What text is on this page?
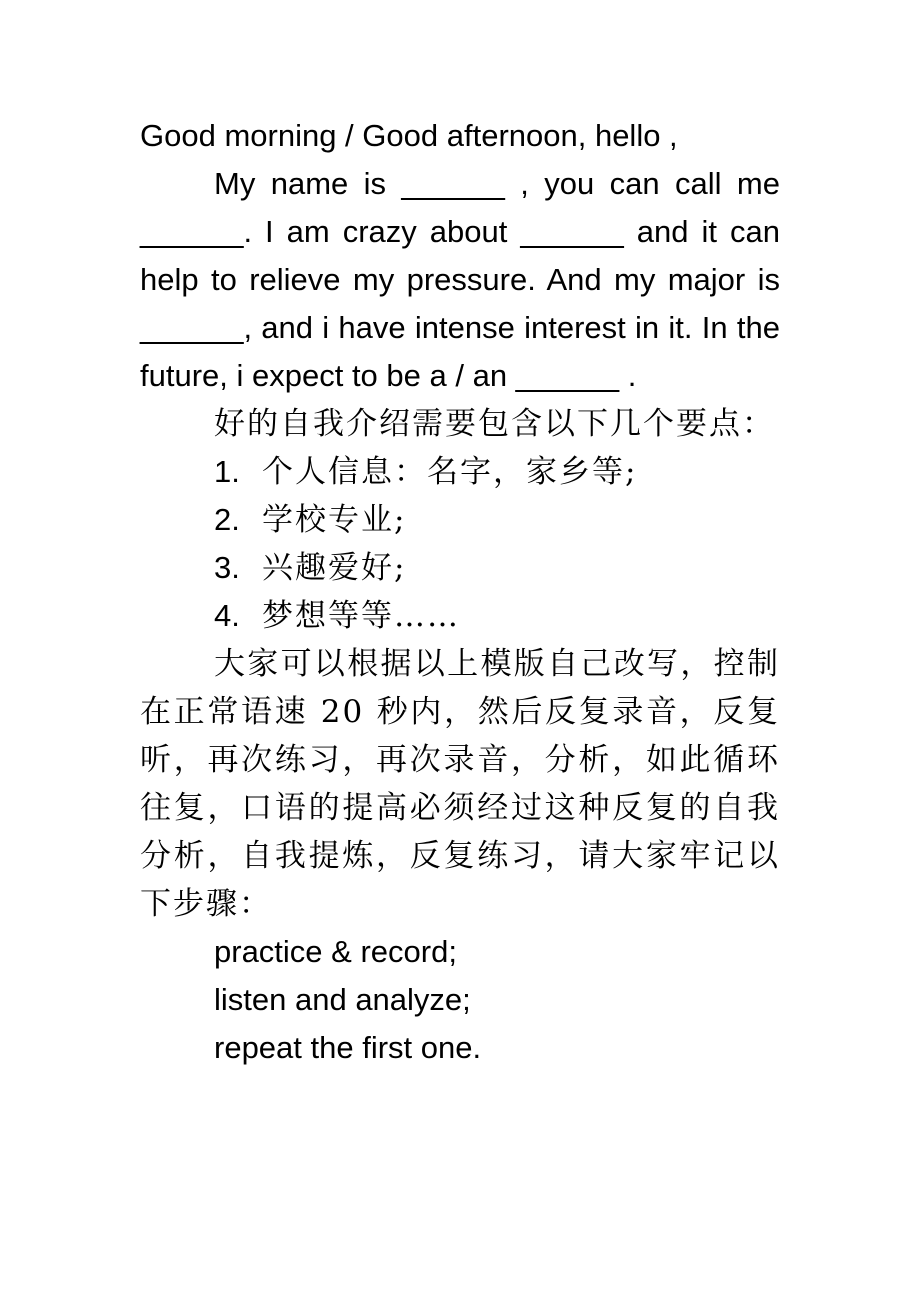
Good morning / Good afternoon, hello ,

My name is ______ , you can call me ______. I am crazy about ______ and it can help to relieve my pressure. And my major is ______, and i have intense interest in it. In the future, i expect to be a / an ______ .

好的自我介绍需要包含以下几个要点：

1. 个人信息：名字，家乡等;

2. 学校专业;

3. 兴趣爱好;

4. 梦想等等……

大家可以根据以上模版自己改写，控制在正常语速 20 秒内，然后反复录音，反复听，再次练习，再次录音，分析，如此循环往复，口语的提高必须经过这种反复的自我分析，自我提炼，反复练习，请大家牢记以下步骤：

practice & record;

listen and analyze;

repeat the first one.
